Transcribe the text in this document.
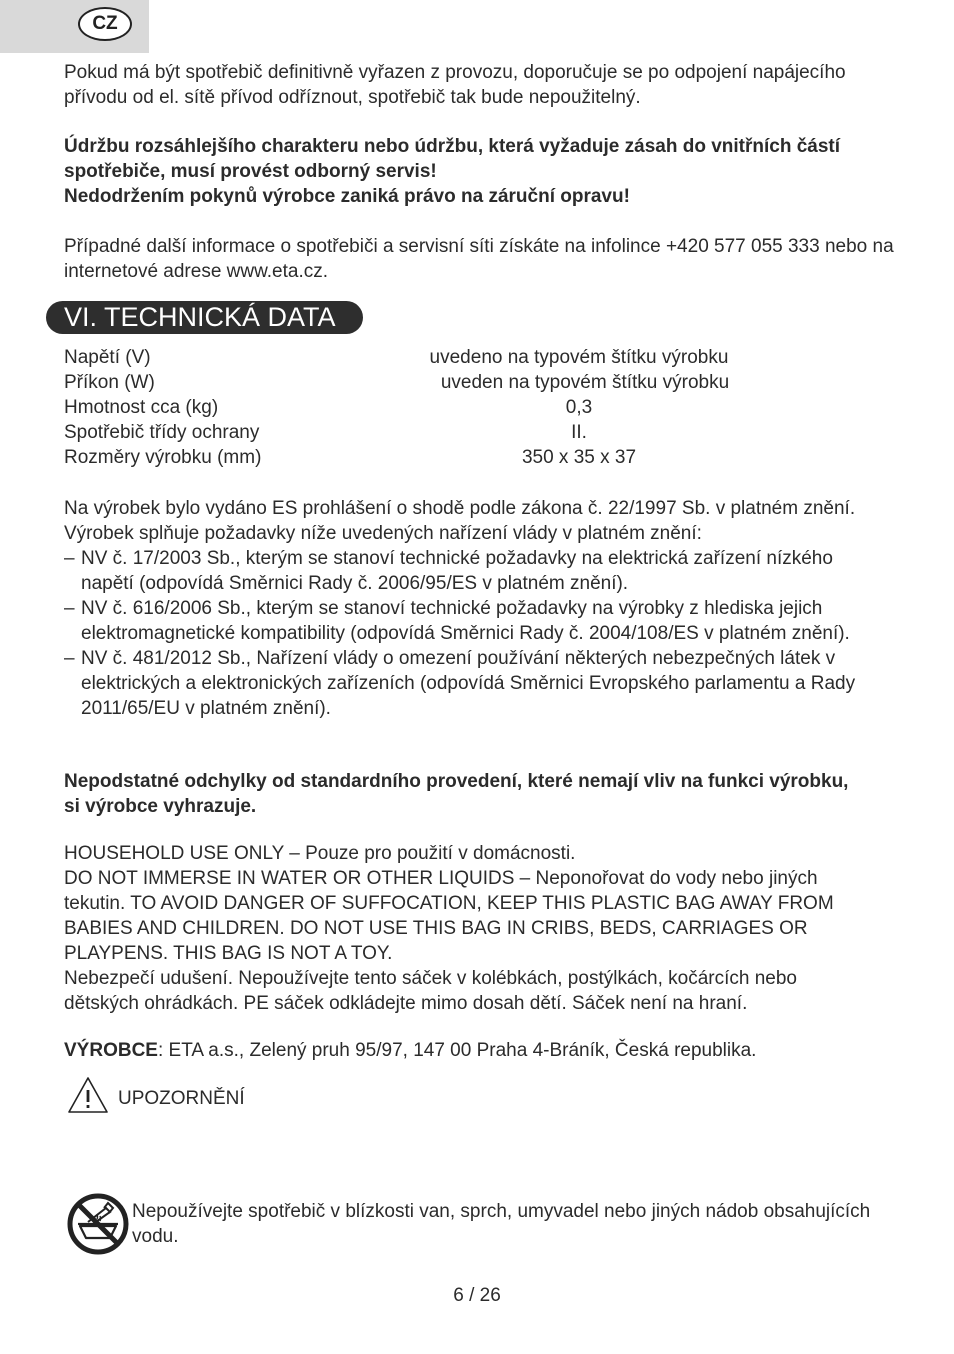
CZ

Pokud má být spotřebič definitivně vyřazen z provozu, doporučuje se po odpojení napájecího přívodu od el. sítě přívod odříznout, spotřebič tak bude nepoužitelný.

Údržbu rozsáhlejšího charakteru nebo údržbu, která vyžaduje zásah do vnitřních částí spotřebiče, musí provést odborný servis!
Nedodržením pokynů výrobce zaniká právo na záruční opravu!

Případné další informace o spotřebiči a servisní síti získáte na infolince +420 577 055 333 nebo na internetové adrese www.eta.cz.

VI. TECHNICKÁ DATA
Napětí (V)	uvedeno na typovém štítku výrobku
Příkon (W)	uveden na typovém štítku výrobku
Hmotnost cca (kg)	0,3
Spotřebič třídy ochrany	II.
Rozměry výrobku (mm)	350 x 35 x 37
Na výrobek bylo vydáno ES prohlášení o shodě podle zákona č. 22/1997 Sb. v platném znění. Výrobek splňuje požadavky níže uvedených nařízení vlády v platném znění:
– NV č. 17/2003 Sb., kterým se stanoví technické požadavky na elektrická zařízení nízkého napětí (odpovídá Směrnici Rady č. 2006/95/ES v platném znění).
– NV č. 616/2006 Sb., kterým se stanoví technické požadavky na výrobky z hlediska jejich elektromagnetické kompatibility (odpovídá Směrnici Rady č. 2004/108/ES v platném znění).
– NV č. 481/2012 Sb., Nařízení vlády o omezení používání některých nebezpečných látek v elektrických a elektronických zařízeních (odpovídá Směrnici Evropského parlamentu a Rady 2011/65/EU v platném znění).

Nepodstatné odchylky od standardního provedení, které nemají vliv na funkci výrobku, si výrobce vyhrazuje.

HOUSEHOLD USE ONLY – Pouze pro použití v domácnosti.
DO NOT IMMERSE IN WATER OR OTHER LIQUIDS – Neponořovat do vody nebo jiných tekutin. TO AVOID DANGER OF SUFFOCATION, KEEP THIS PLASTIC BAG AWAY FROM BABIES AND CHILDREN. DO NOT USE THIS BAG IN CRIBS, BEDS, CARRIAGES OR PLAYPENS. THIS BAG IS NOT A TOY.
Nebezpečí udušení. Nepoužívejte tento sáček v kolébkách, postýlkách, kočárcích nebo dětských ohrádkách. PE sáček odkládejte mimo dosah dětí. Sáček není na hraní.

VÝROBCE: ETA a.s., Zelený pruh 95/97, 147 00 Praha 4-Bráník, Česká republika.

UPOZORNĚNÍ

Nepoužívejte spotřebič v blízkosti van, sprch, umyvadel nebo jiných nádob obsahujících vodu.

6 / 26
